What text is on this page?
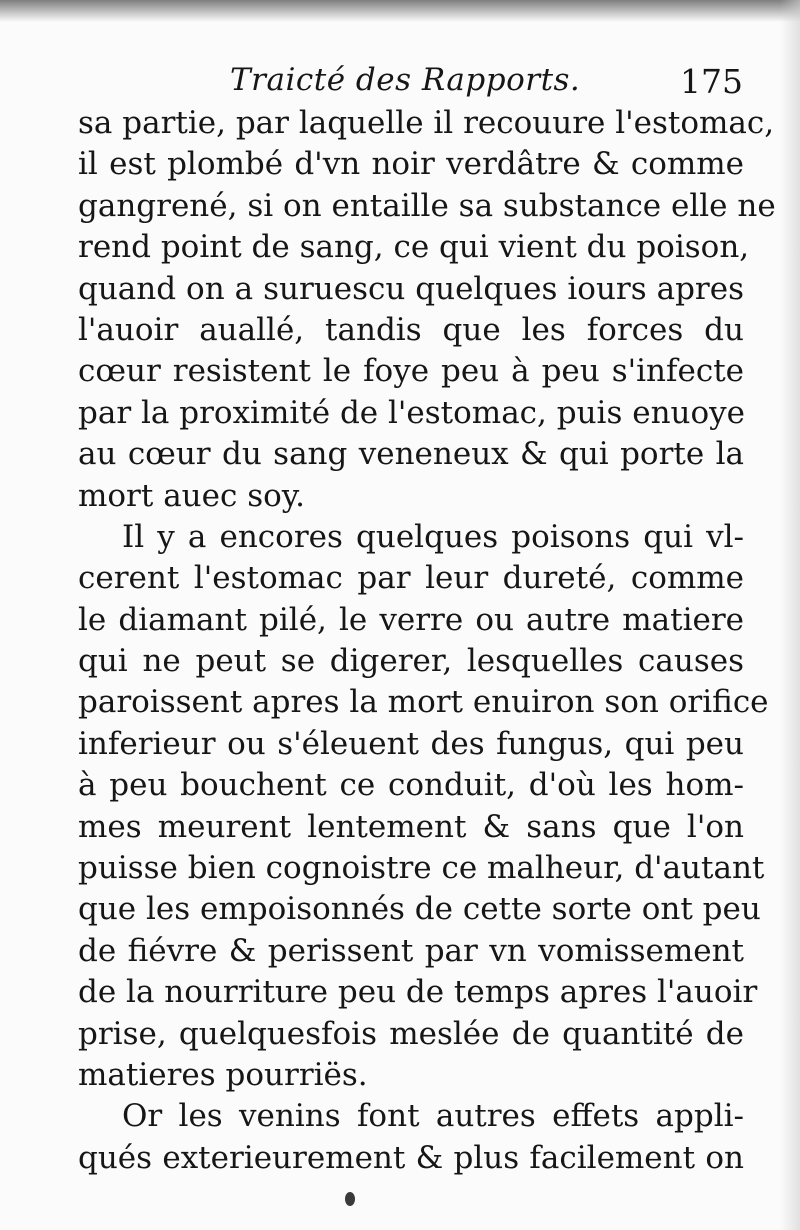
Traicté des Rapports.	175
sa partie, par laquelle il recouure l'estomac,
il est plombé d'vn noir verdâtre & comme
gangrené, si on entaille sa substance elle ne
rend point de sang, ce qui vient du poison,
quand on a suruescu quelques iours apres
l'auoir auallé, tandis que les forces du
cœur resistent le foye peu à peu s'infecte
par la proximité de l'estomac, puis enuoye
au cœur du sang veneneux & qui porte la
mort auec soy.
Il y a encores quelques poisons qui vl-
cerent l'estomac par leur dureté, comme
le diamant pilé, le verre ou autre matiere
qui ne peut se digerer, lesquelles causes
paroissent apres la mort enuiron son orifice
inferieur ou s'éleuent des fungus, qui peu
à peu bouchent ce conduit, d'où les hom-
mes meurent lentement & sans que l'on
puisse bien cognoistre ce malheur, d'autant
que les empoisonnés de cette sorte ont peu
de fiévre & perissent par vn vomissement
de la nourriture peu de temps apres l'auoir
prise, quelquesfois meslée de quantité de
matieres pourriës.
Or les venins font autres effets appli-
qués exterieurement & plus facilement on
